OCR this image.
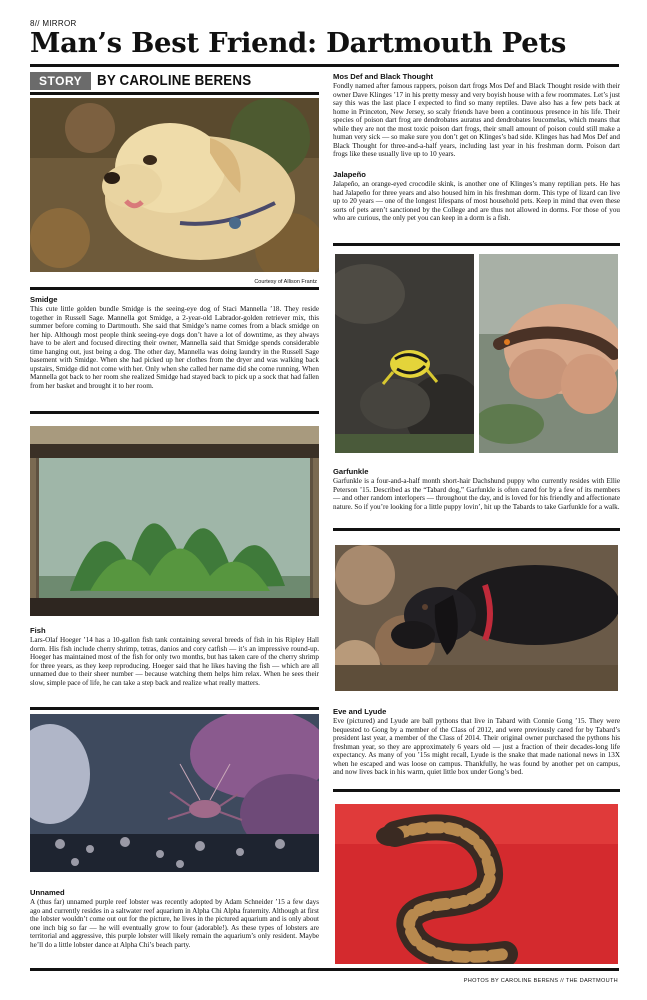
8// MIRROR
Man’s Best Friend: Dartmouth Pets
STORY	BY CAROLINE BERENS
Courtesy of Allison Frantz
Smidge

This cute little golden bundle Smidge is the seeing-eye dog of Staci Mannella ’18. They reside together in Russell Sage. Mannella got Smidge, a 2-year-old Labrador-golden retriever mix, this summer before coming to Dartmouth. She said that Smidge’s name comes from a black smidge on her hip. Although most people think seeing-eye dogs don’t have a lot of downtime, as they always have to be alert and focused directing their owner, Mannella said that Smidge spends considerable time hanging out, just being a dog. The other day, Mannella was doing laundry in the Russell Sage basement with Smidge. When she had picked up her clothes from the dryer and was walking back upstairs, Smidge did not come with her. Only when she called her name did she come running. When Mannella got back to her room she realized Smidge had stayed back to pick up a sock that had fallen from her basket and brought it to her room.

Fish

Lars-Olaf Hoeger ’14 has a 10-gallon fish tank containing several breeds of fish in his Ripley Hall dorm. His fish include cherry shrimp, tetras, danios and cory catfish — it’s an impressive round-up. Hoeger has maintained most of the fish for only two months, but has taken care of the cherry shrimp for three years, as they keep reproducing. Hoeger said that he likes having the fish — which are all unnamed due to their sheer number — because watching them helps him relax. When he sees their slow, simple pace of life, he can take a step back and realize what really matters.

Unnamed

A (thus far) unnamed purple reef lobster was recently adopted by Adam Schneider ’15 a few days ago and currently resides in a saltwater reef aquarium in Alpha Chi Alpha fraternity. Although at first the lobster wouldn’t come out out for the picture, he lives in the pictured aquarium and is only about one inch big so far — he will eventually grow to four (adorable!). As these types of lobsters are territorial and aggressive, this purple lobster will likely remain the aquarium’s only resident. Maybe he’ll do a little lobster dance at Alpha Chi’s beach party.

Mos Def and Black Thought

Fondly named after famous rappers, poison dart frogs Mos Def and Black Thought reside with their owner Dave Klinges ’17 in his pretty messy and very boyish house with a few roommates. Let’s just say this was the last place I expected to find so many reptiles. Dave also has a few pets back at home in Princeton, New Jersey, so scaly friends have been a continuous presence in his life. Their species of poison dart frog are dendrobates auratus and dendrobates leucomelas, which means that while they are not the most toxic poison dart frogs, their small amount of poison could still make a human very sick — so make sure you don’t get on Klinges’s bad side. Klinges has had Mos Def and Black Thought for three-and-a-half years, including last year in his freshman dorm. Poison dart frogs like these usually live up to 10 years.

Jalapeño

Jalapeño, an orange-eyed crocodile skink, is another one of Klinges’s many reptilian pets. He has had Jalapeño for three years and also housed him in his freshman dorm. This type of lizard can live up to 20 years — one of the longest lifespans of most household pets. Keep in mind that even these sorts of pets aren’t sanctioned by the College and are thus not allowed in dorms. For those of you who are curious, the only pet you can keep in a dorm is a fish.

Garfunkle

Garfunkle is a four-and-a-half month short-hair Dachshund puppy who currently resides with Ellie Peterson ’15. Described as the “Tabard dog,” Garfunkle is often cared for by a few of its members — and other random interlopers — throughout the day, and is loved for his friendly and affectionate nature. So if you’re looking for a little puppy lovin’, hit up the Tabards to take Garfunkle for a walk.

Eve and Lyude

Eve (pictured) and Lyude are ball pythons that live in Tabard with Connie Gong ’15. They were bequested to Gong by a member of the Class of 2012, and were previously cared for by Tabard’s president last year, a member of the Class of 2014. Their original owner purchased the pythons his freshman year, so they are approximately 6 years old — just a fraction of their decades-long life expectancy. As many of you ’15s might recall, Lyude is the snake that made national news in 13X when he escaped and was loose on campus. Thankfully, he was found by another pet on campus, and now lives back in his warm, quiet little box under Gong’s bed.

PHOTOS BY CAROLINE BERENS // THE DARTMOUTH
